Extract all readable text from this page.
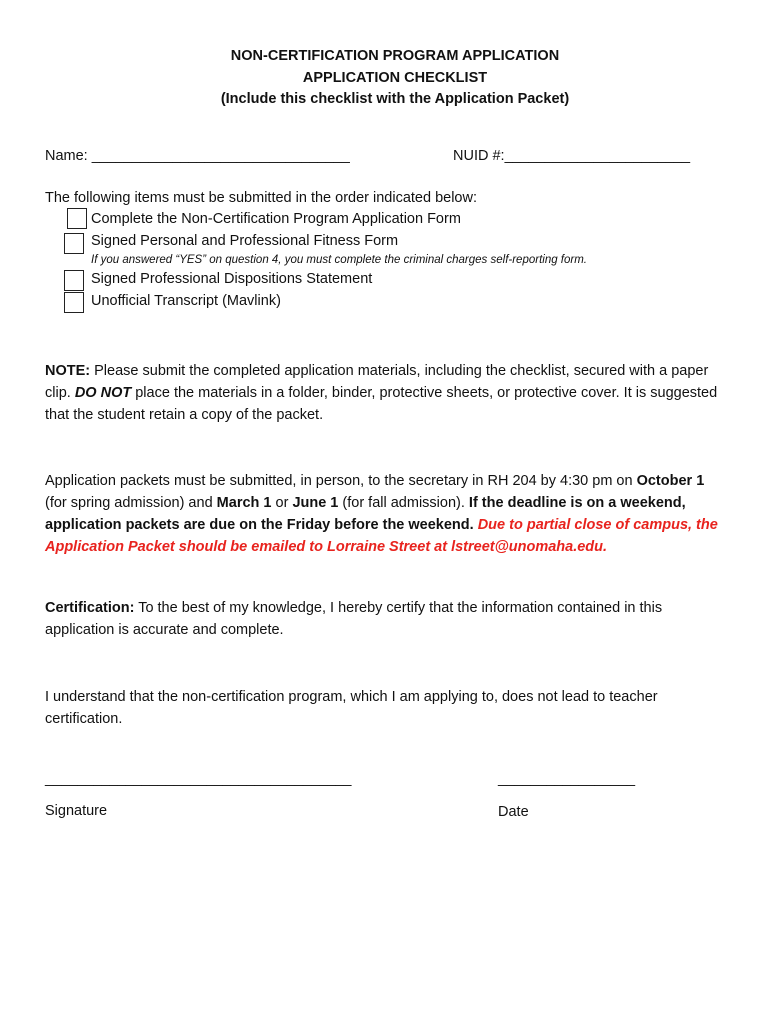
NON-CERTIFICATION PROGRAM APPLICATION
APPLICATION CHECKLIST
(Include this checklist with the Application Packet)
Name: ________________________________	NUID #:_______________________
The following items must be submitted in the order indicated below:
Complete the Non-Certification Program Application Form
Signed Personal and Professional Fitness Form
If you answered “YES” on question 4, you must complete the criminal charges self-reporting form.
Signed Professional Dispositions Statement
Unofficial Transcript (Mavlink)
NOTE: Please submit the completed application materials, including the checklist, secured with a paper clip. DO NOT place the materials in a folder, binder, protective sheets, or protective cover. It is suggested that the student retain a copy of the packet.
Application packets must be submitted, in person, to the secretary in RH 204 by 4:30 pm on October 1 (for spring admission) and March 1 or June 1 (for fall admission). If the deadline is on a weekend, application packets are due on the Friday before the weekend. Due to partial close of campus, the Application Packet should be emailed to Lorraine Street at lstreet@unomaha.edu.
Certification: To the best of my knowledge, I hereby certify that the information contained in this application is accurate and complete.
I understand that the non-certification program, which I am applying to, does not lead to teacher certification.
______________________________________	_________________
Signature	Date
